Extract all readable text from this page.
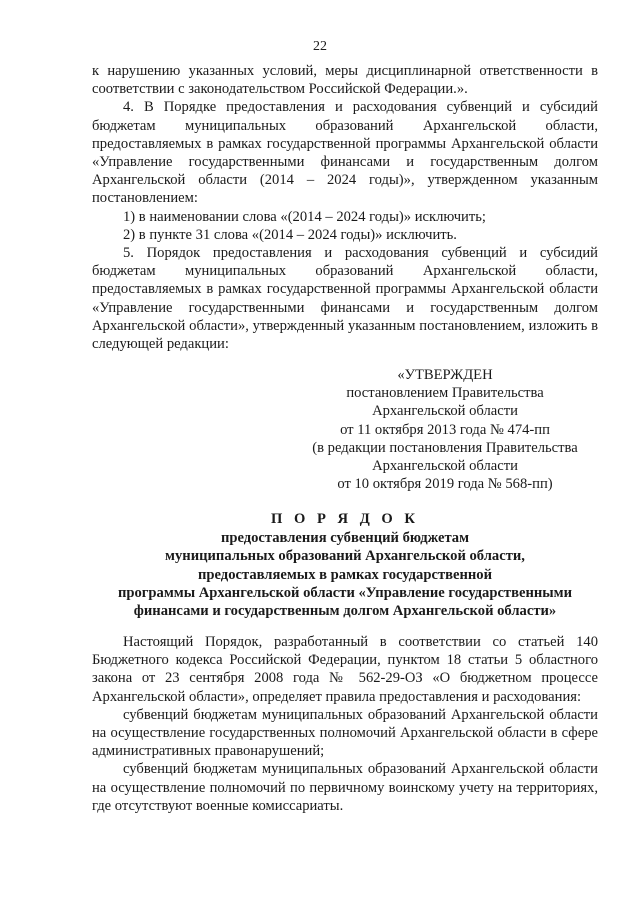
22

к нарушению указанных условий, меры дисциплинарной ответственности в соответствии с законодательством Российской Федерации.».

4. В Порядке предоставления и расходования субвенций и субсидий бюджетам муниципальных образований Архангельской области, предоставляемых в рамках государственной программы Архангельской области «Управление государственными финансами и государственным долгом Архангельской области (2014 – 2024 годы)», утвержденном указанным постановлением:

1) в наименовании слова «(2014 – 2024 годы)» исключить;

2) в пункте 31 слова «(2014 – 2024 годы)» исключить.

5. Порядок предоставления и расходования субвенций и субсидий бюджетам муниципальных образований Архангельской области, предоставляемых в рамках государственной программы Архангельской области «Управление государственными финансами и государственным долгом Архангельской области», утвержденный указанным постановлением, изложить в следующей редакции:

«УТВЕРЖДЕН
постановлением Правительства
Архангельской области
от 11 октября 2013 года № 474-пп
(в редакции постановления Правительства
Архангельской области
от 10 октября 2019 года № 568-пп)
П О Р Я Д О К
предоставления субвенций бюджетам
муниципальных образований Архангельской области,
предоставляемых в рамках государственной
программы Архангельской области «Управление государственными
финансами и государственным долгом Архангельской области»

Настоящий Порядок, разработанный в соответствии со статьей 140 Бюджетного кодекса Российской Федерации, пунктом 18 статьи 5 областного закона от 23 сентября 2008 года № 562-29-ОЗ «О бюджетном процессе Архангельской области», определяет правила предоставления и расходования:

субвенций бюджетам муниципальных образований Архангельской области на осуществление государственных полномочий Архангельской области в сфере административных правонарушений;

субвенций бюджетам муниципальных образований Архангельской области на осуществление полномочий по первичному воинскому учету на территориях, где отсутствуют военные комиссариаты.
